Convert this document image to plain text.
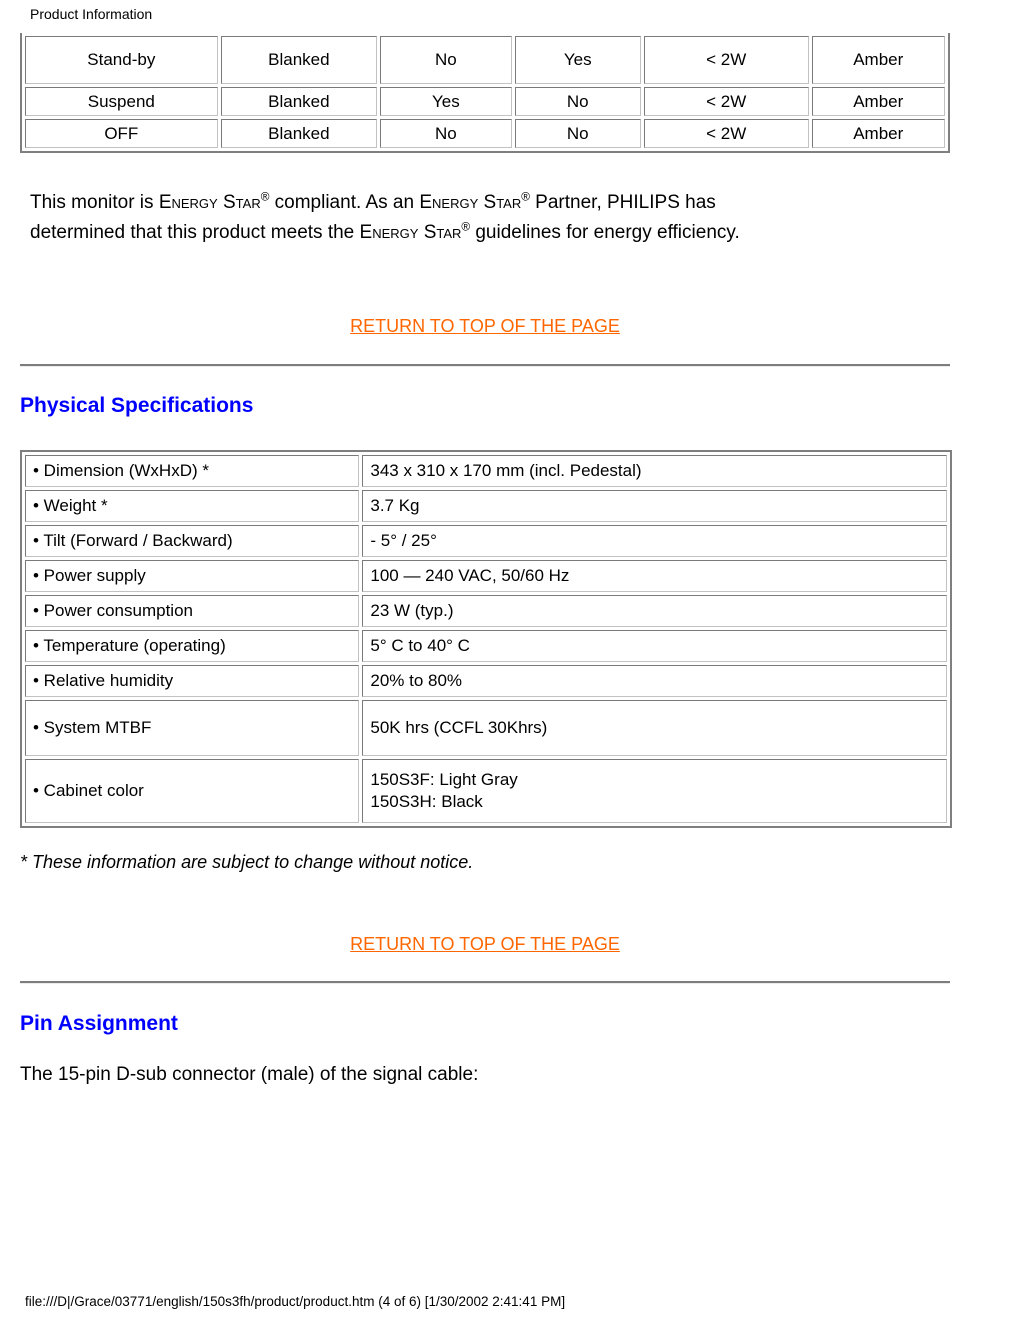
Product Information
Stand-by	Blanked	No	Yes	< 2W	Amber
Suspend	Blanked	Yes	No	< 2W	Amber
OFF	Blanked	No	No	< 2W	Amber

This monitor is Energy Star® compliant. As an Energy Star® Partner, PHILIPS has
determined that this product meets the Energy Star® guidelines for energy efficiency.

RETURN TO TOP OF THE PAGE
Physical Specifications
• Dimension (WxHxD) *	343 x 310 x 170 mm (incl. Pedestal)
• Weight *	3.7 Kg
• Tilt (Forward / Backward)	- 5° / 25°
• Power supply	100 — 240 VAC, 50/60 Hz
• Power consumption	23 W (typ.)
• Temperature (operating)	5° C to 40° C
• Relative humidity	20% to 80%
• System MTBF	50K hrs (CCFL 30Khrs)
• Cabinet color	150S3F: Light Gray
150S3H: Black

* These information are subject to change without notice.

RETURN TO TOP OF THE PAGE
Pin Assignment

The 15-pin D-sub connector (male) of the signal cable:

file:///D|/Grace/03771/english/150s3fh/product/product.htm (4 of 6) [1/30/2002 2:41:41 PM]
